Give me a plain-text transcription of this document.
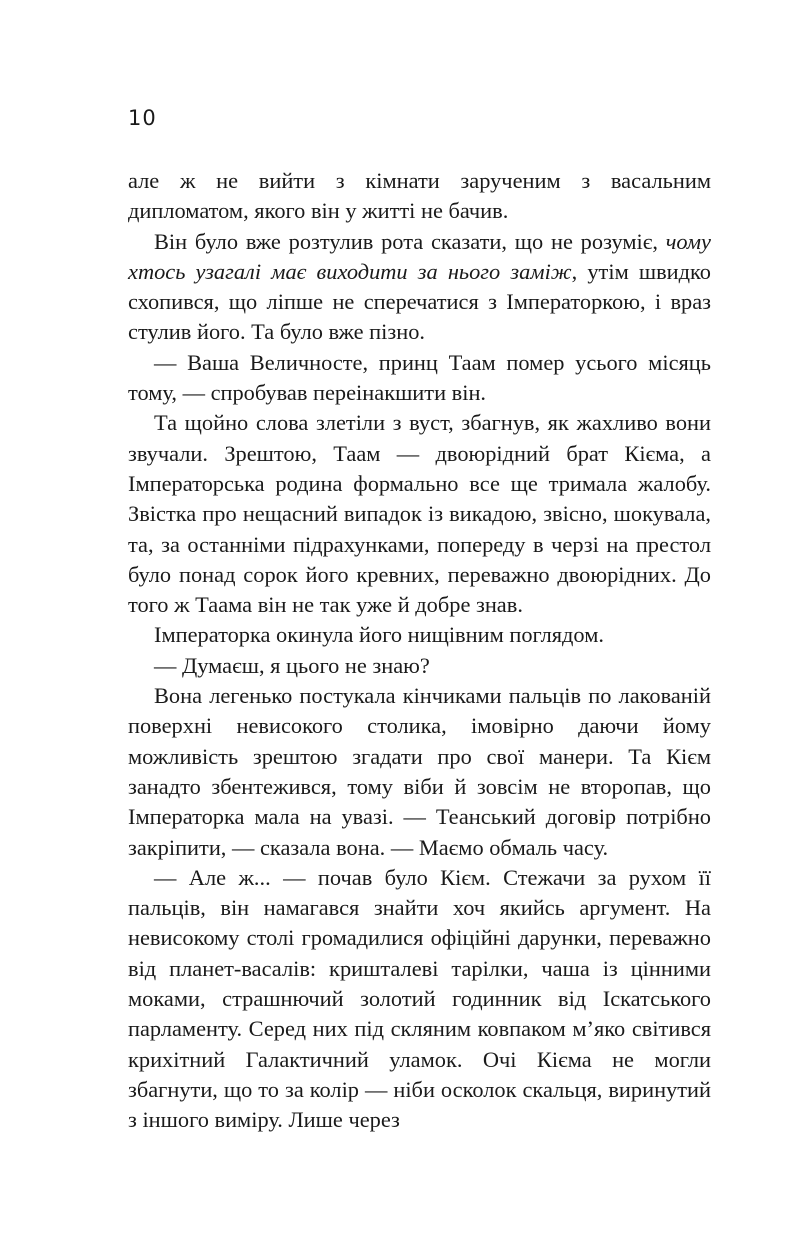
10

але ж не вийти з кімнати зарученим з васальним дипломатом, якого він у житті не бачив.

Він було вже розтулив рота сказати, що не розуміє, чому хтось узагалі має виходити за нього заміж, утім швидко схопився, що ліпше не сперечатися з Імператоркою, і враз стулив його. Та було вже пізно.

— Ваша Величносте, принц Таам помер усього місяць тому, — спробував переінакшити він.

Та щойно слова злетіли з вуст, збагнув, як жахливо вони звучали. Зрештою, Таам — двоюрідний брат Кієма, а Імператорська родина формально все ще тримала жалобу. Звістка про нещасний випадок із викадою, звісно, шокувала, та, за останніми підрахунками, попереду в черзі на престол було понад сорок його кревних, переважно двоюрідних. До того ж Таама він не так уже й добре знав.

Імператорка окинула його нищівним поглядом.

— Думаєш, я цього не знаю?

Вона легенько постукала кінчиками пальців по лакованій поверхні невисокого столика, імовірно даючи йому можливість зрештою згадати про свої манери. Та Кієм занадто збентежився, тому віби й зовсім не второпав, що Імператорка мала на увазі. — Теанський договір потрібно закріпити, — сказала вона. — Маємо обмаль часу.

— Але ж... — почав було Кієм. Стежачи за рухом її пальців, він намагався знайти хоч якийсь аргумент. На невисокому столі громадилися офіційні дарунки, переважно від планет-васалів: кришталеві тарілки, чаша із цінними моками, страшнючий золотий годинник від Іскатського парламенту. Серед них під скляним ковпаком м’яко світився крихітний Галактичний уламок. Очі Кієма не могли збагнути, що то за колір — ніби осколок скальця, виринутий з іншого виміру. Лише через
